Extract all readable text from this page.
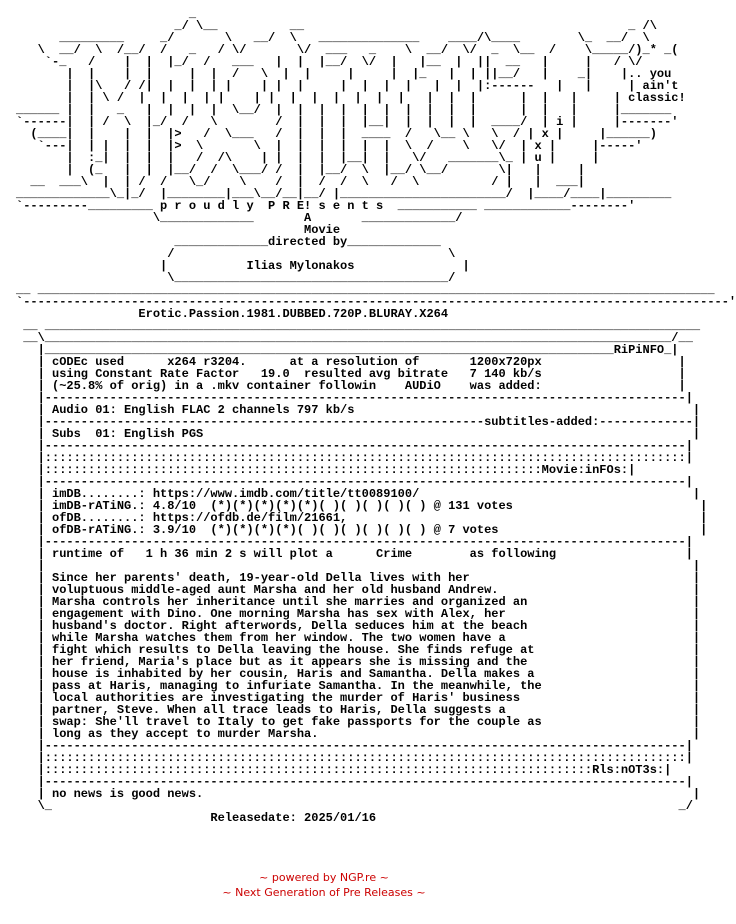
_
_/ \__          __                                             _ /\
_________     _/       \   __/  \   ______________    ____/\____        \_  __/  \
\  __/  \  /__/  /   _   / \/       \/  ___   _    \  __/  \/  _  \__  /    \_____/)_* _(
`-_   /    |  |  |_/  /   ___   |  |  |__/  \/  |   |__  |  ||  __   |     |   / \/
|  |    |  |     |  |  /   \  |  |     |     |  |_   |  | ||__/   |    _|    |.. you
|  |\   / /|  |  |  | |    | |  |     |  |  |  |   |  |  |:------   |   |     | ain't
|  | \ /  |  |  |  | |    | |  |  |  |  |  |  |   |  |  |      |  |   |     | classic!
______ |  |   _   |  |  |  |  \__/  |  |  |  |  |  |  |  |  |  |      |  |   |     |_______
`------|  | /  \  |_/  /   \        /  |  |  |  |__|  |  |  |  |  ____/  | i |     |-------'
(____|  |    |  |  |>   /  \___   /  |  |  |  ____  /   \__ \   \  / | x |     |______)
`---|  | |  |  |  |>  \       \  |  |  |  |  |  |  \  /    \   \/  | x |     |-----'
|  :_|  |  |  |   /  /\    | |  |  |  |__|  |   \/   _______\_ | u |     |
|  (_   |  |  |__/  /  \___/ /  |  |__/  \  |__/ \__/       \|   |     |
__  ___\  |  | /  /   \_/    \    /  |  /  /  \   /  \          / |   |  ___|
_____________\_|_/  |________|___\__/__|__/ |_______________________/  |____/____|_________
`---------_________ p r o u d l y  P R E! s e n t s  ___________ ____________--------'
\_____________       A       _____________/
Movie
_____________directed by_____________
/                                      \
|           Ilias Mylonakos               |
\______________________________________/
__ ______________________________________________________________________________________________
`--------------------------------------------------------------------------------------------------'
Erotic.Passion.1981.DUBBED.720P.BLURAY.X264
__ ___________________________________________________________________________________________
__\_______________________________________________________________________________________/__
|_______________________________________________________________________________RiPiNFO_|
| cODEc used      x264 r3204.      at a resolution of       1200x720px                   |
| using Constant Rate Factor   19.0  resulted avg bitrate   7 140 kb/s                   |
| (~25.8% of orig) in a .mkv container followin    AUDiO    was added:                   |
|-----------------------------------------------------------------------------------------|
| Audio 01: English FLAC 2 channels 797 kb/s                                               |
|-------------------------------------------------------------subtitles-added:-------------|
| Subs  01: English PGS                                                                    |
|-----------------------------------------------------------------------------------------|
|:::::::::::::::::::::::::::::::::::::::::::::::::::::::::::::::::::::::::::::::::::::::::|
|:::::::::::::::::::::::::::::::::::::::::::::::::::::::::::::::::::::Movie:inFOs:|
|-----------------------------------------------------------------------------------------|
| imDB........: https://www.imdb.com/title/tt0089100/                                      |
| imDB-rATiNG.: 4.8/10  (*)(*)(*)(*)(*)( )( )( )( )( ) @ 131 votes                          |
| ofDB........: https://ofdb.de/film/21661,                                                 |
| ofDB-rATiNG.: 3.9/10  (*)(*)(*)(*)( )( )( )( )( )( ) @ 7 votes                            |
|-----------------------------------------------------------------------------------------|
| runtime of   1 h 36 min 2 s will plot a      Crime        as following                  |
|                                                                                          |
| Since her parents' death, 19-year-old Della lives with her                               |
| voluptuous middle-aged aunt Marsha and her old husband Andrew.                           |
| Marsha controls her inheritance until she marries and organized an                       |
| engagement with Dino. One morning Marsha has sex with Alex, her                          |
| husband's doctor. Right afterwords, Della seduces him at the beach                       |
| while Marsha watches them from her window. The two women have a                          |
| fight which results to Della leaving the house. She finds refuge at                      |
| her friend, Maria's place but as it appears she is missing and the                       |
| house is inhabited by her cousin, Haris and Samantha. Della makes a                      |
| pass at Haris, managing to infuriate Samantha. In the meanwhile, the                     |
| local authorities are investigating the murder of Haris' business                        |
| partner, Steve. When all trace leads to Haris, Della suggests a                          |
| swap: She'll travel to Italy to get fake passports for the couple as                     |
| long as they accept to murder Marsha.                                                    |
|-----------------------------------------------------------------------------------------|
|:::::::::::::::::::::::::::::::::::::::::::::::::::::::::::::::::::::::::::::::::::::::::|
|::::::::::::::::::::::::::::::::::::::::::::::::::::::::::::::::::::::::::::Rls:nOT3s:|
|-----------------------------------------------------------------------------------------|
| no news is good news.                                                                    |
\_                                                                                       _/
Releasedate: 2025/01/16
~ powered by NGP.re ~
~ Next Generation of Pre Releases ~
